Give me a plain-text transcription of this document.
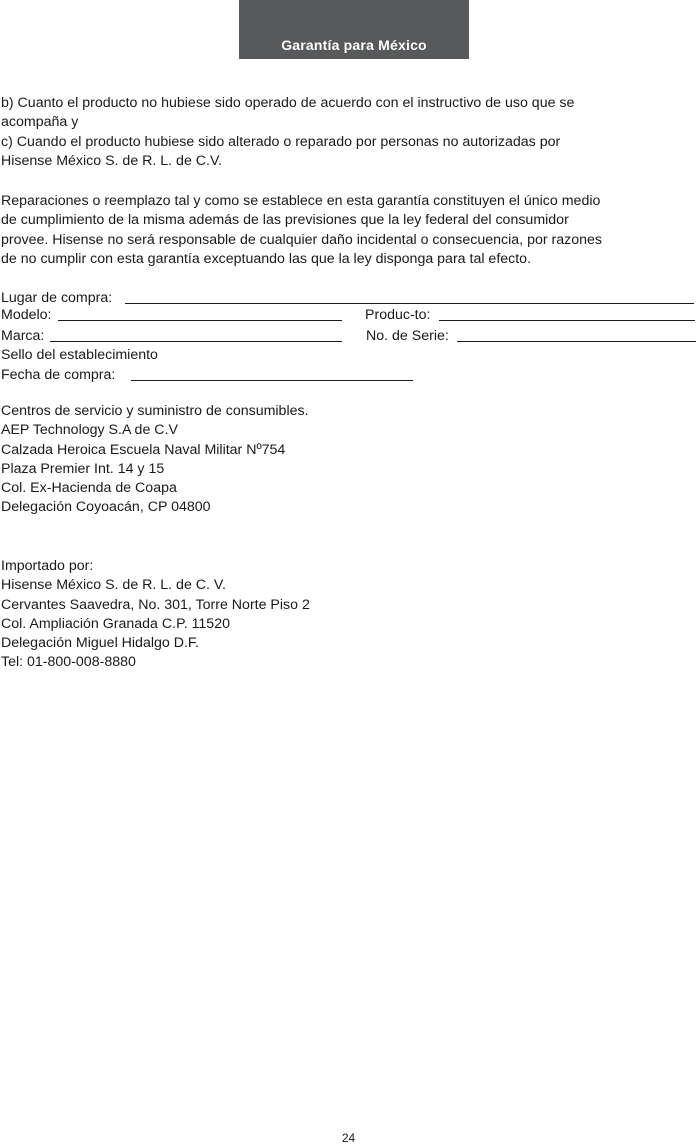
Garantía para México

b) Cuanto el producto no hubiese sido operado de acuerdo con el instructivo de uso que se

acompaña y

c) Cuando el producto hubiese sido alterado o reparado por personas no autorizadas por

Hisense México S. de R. L. de C.V.

Reparaciones o reemplazo tal y como se establece en esta garantía constituyen el único medio

de cumplimiento de la misma además de las previsiones que la ley federal del consumidor

provee. Hisense no será responsable de cualquier daño incidental o consecuencia, por razones

de no cumplir con esta garantía exceptuando las que la ley disponga para tal efecto.

Lugar de compra:
Modelo:	Produc-to:
Marca:	No. de Serie:
Sello del establecimiento
Fecha de compra:

Centros de servicio y suministro de consumibles.

AEP Technology S.A de C.V

Calzada Heroica Escuela Naval Militar Nº754

Plaza Premier Int. 14 y 15

Col. Ex-Hacienda de Coapa

Delegación Coyoacán, CP 04800

Importado por:

Hisense México S. de R. L. de C. V.

Cervantes Saavedra, No. 301, Torre Norte Piso 2

Col. Ampliación Granada C.P. 11520

Delegación Miguel Hidalgo D.F.

Tel: 01-800-008-8880

24
